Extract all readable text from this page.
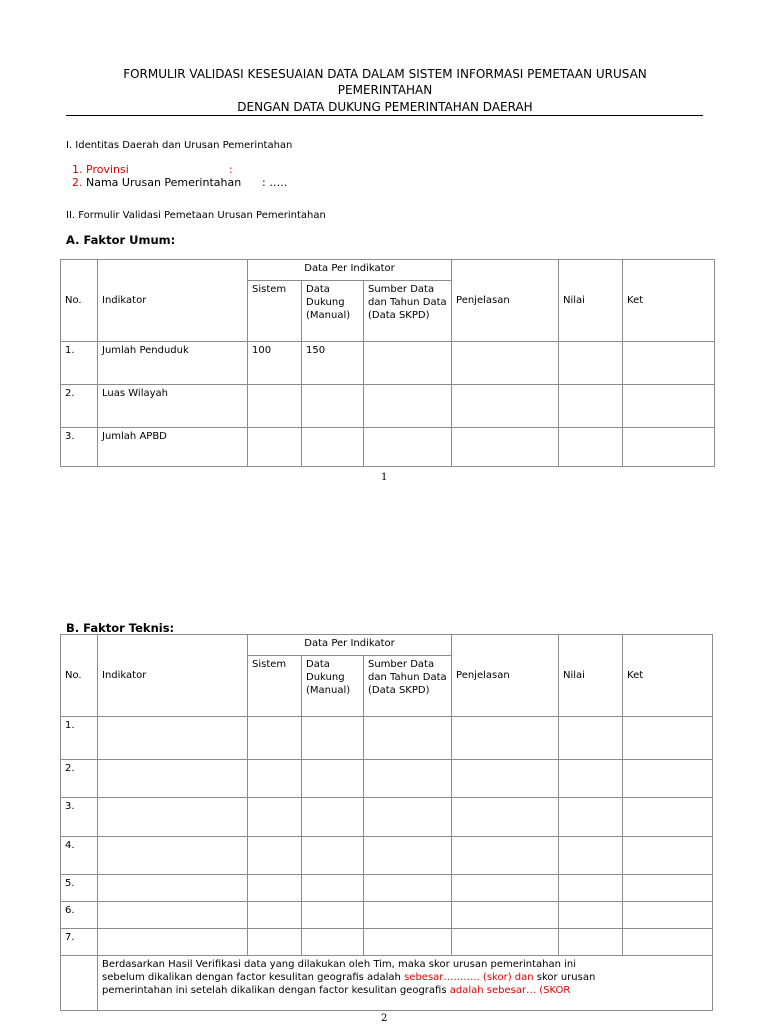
FORMULIR VALIDASI KESESUAIAN DATA DALAM SISTEM INFORMASI PEMETAAN URUSAN
PEMERINTAHAN
DENGAN DATA DUKUNG PEMERINTAHAN DAERAH
I. Identitas Daerah dan Urusan Pemerintahan
1. Provinsi	:
2. Nama Urusan Pemerintahan : …..
II. Formulir Validasi Pemetaan Urusan Pemerintahan
A. Faktor Umum:
No.	Indikator	Data Per Indikator			Penjelasan	Nilai	Ket
		Sistem	Data Dukung (Manual)	Sumber Data dan Tahun Data (Data SKPD)			
1.	Jumlah Penduduk	100	150				
2.	Luas Wilayah						
3.	Jumlah APBD						
1
B. Faktor Teknis:
No.	Indikator	Data Per Indikator			Penjelasan	Nilai	Ket
		Sistem	Data Dukung (Manual)	Sumber Data dan Tahun Data (Data SKPD)			
1.							
2.							
3.							
4.							
5.							
6.							
7.							

	Berdasarkan Hasil Verifikasi data yang dilakukan oleh Tim, maka skor urusan pemerintahan ini
sebelum dikalikan dengan factor kesulitan geografis adalah sebesar……….. (skor) dan skor urusan
pemerintahan ini setelah dikalikan dengan factor kesulitan geografis adalah sebesar… (SKOR						
2
